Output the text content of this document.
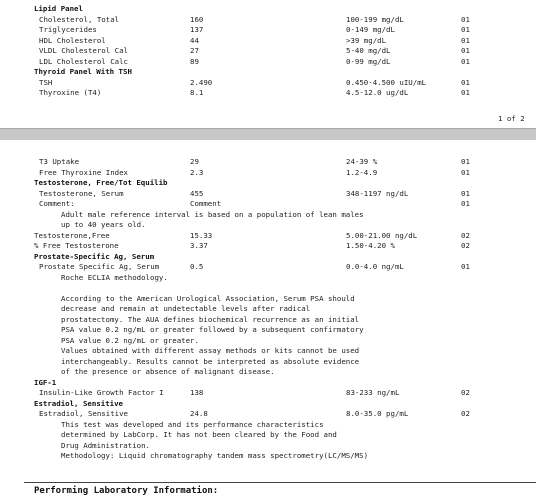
Lipid Panel
Cholesterol, Total	160	100-199 mg/dL	01
Triglycerides	137	0-149 mg/dL	01
HDL Cholesterol	44	>39 mg/dL	01
VLDL Cholesterol Cal	27	5-40 mg/dL	01
LDL Cholesterol Calc	89	0-99 mg/dL	01
Thyroid Panel With TSH
TSH	2.490	0.450-4.500 uIU/mL	01
Thyroxine (T4)	8.1	4.5-12.0 ug/dL	01
T3 Uptake	29	24-39 %	01
Free Thyroxine Index	2.3	1.2-4.9	01
Testosterone, Free/Tot Equilib
Testosterone, Serum	455	348-1197 ng/dL	01
Comment:	Comment	01
Adult male reference interval is based on a population of lean males
up to 40 years old.
Testosterone,Free	15.33	5.00-21.00 ng/dL	02
% Free Testosterone	3.37	1.50-4.20 %	02
Prostate-Specific Ag, Serum
Prostate Specific Ag, Serum	0.5	0.0-4.0 ng/mL	01
Roche ECLIA methodology.
According to the American Urological Association, Serum PSA should
decrease and remain at undetectable levels after radical
prostatectomy. The AUA defines biochemical recurrence as an initial
PSA value 0.2 ng/mL or greater followed by a subsequent confirmatory
PSA value 0.2 ng/mL or greater.
Values obtained with different assay methods or kits cannot be used
interchangeably. Results cannot be interpreted as absolute evidence
of the presence or absence of malignant disease.
IGF-1
Insulin-Like Growth Factor I	138	83-233 ng/mL	02
Estradiol, Sensitive
Estradiol, Sensitive	24.8	8.0-35.0 pg/mL	02
This test was developed and its performance characteristics
determined by LabCorp. It has not been cleared by the Food and
Drug Administration.
Methodology: Liquid chromatography tandem mass spectrometry(LC/MS/MS)
1 of 2
Performing Laboratory Information:
